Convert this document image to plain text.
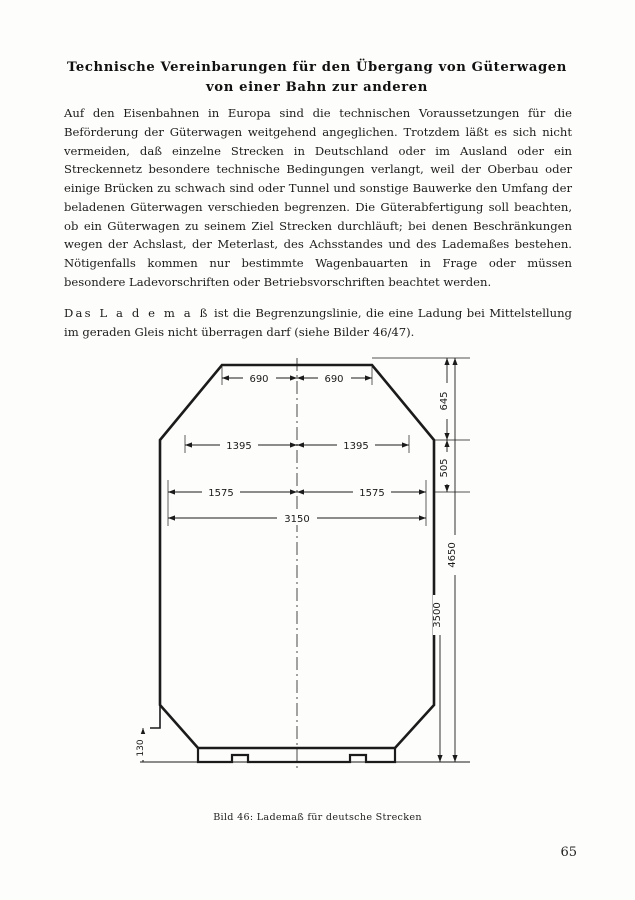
Technische Vereinbarungen für den Übergang von Güterwagen
von einer Bahn zur anderen

Auf den Eisenbahnen in Europa sind die technischen Voraussetzungen für die Beförderung der Güterwagen weitgehend angeglichen. Trotzdem läßt es sich nicht vermeiden, daß einzelne Strecken in Deutschland oder im Ausland oder ein Streckennetz besondere technische Bedingungen verlangt, weil der Oberbau oder einige Brücken zu schwach sind oder Tunnel und sonstige Bauwerke den Umfang der beladenen Güterwagen verschieden begrenzen. Die Güterabfertigung soll beachten, ob ein Güterwagen zu seinem Ziel Strecken durchläuft; bei denen Beschränkungen wegen der Achslast, der Meterlast, des Achsstandes und des Lademaßes bestehen. Nötigenfalls kommen nur bestimmte Wagenbauarten in Frage oder müssen besondere Ladevorschriften oder Betriebsvorschriften beachtet werden.

Das L a d e m a ß ist die Begrenzungslinie, die eine Ladung bei Mittelstellung im geraden Gleis nicht überragen darf (siehe Bilder 46/47).

690	690
1395	1395
1575	1575
3150
645
505
4650
3500
130
Bild 46: Lademaß für deutsche Strecken
65
